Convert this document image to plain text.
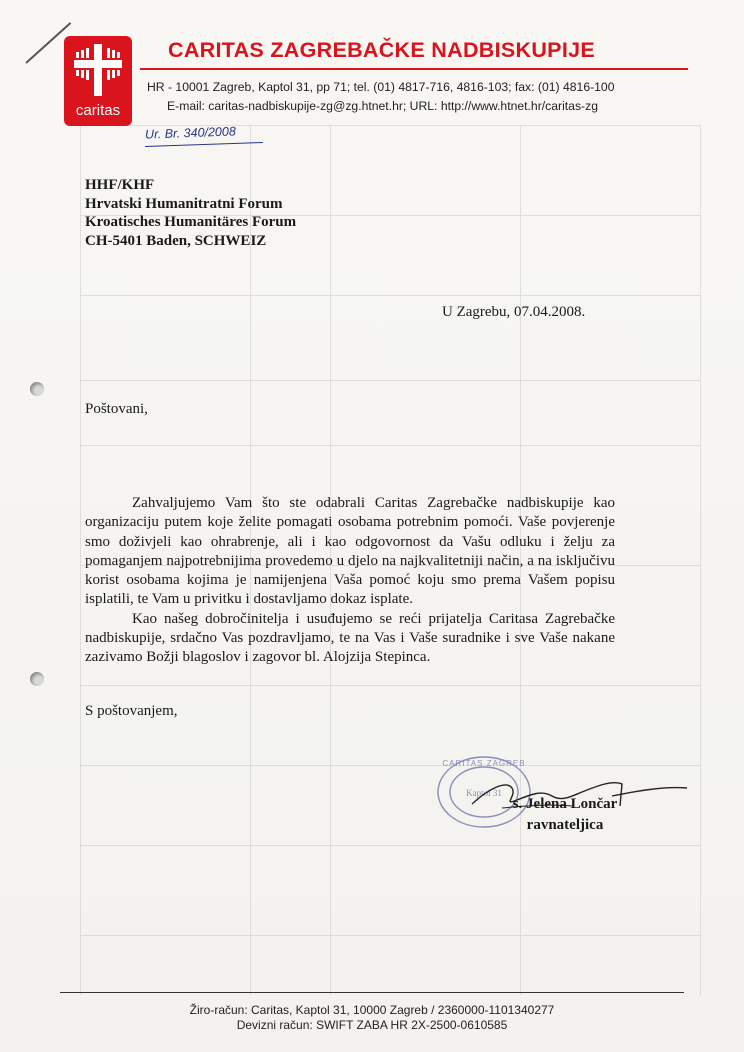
caritas
CARITAS ZAGREBAČKE NADBISKUPIJE
HR - 10001 Zagreb, Kaptol 31, pp 71; tel. (01) 4817-716, 4816-103; fax: (01) 4816-100
E-mail: caritas-nadbiskupije-zg@zg.htnet.hr; URL: http://www.htnet.hr/caritas-zg
Ur. Br. 340/2008
HHF/KHF
Hrvatski Humanitratni Forum
Kroatisches Humanitäres Forum
CH-5401 Baden, SCHWEIZ
U Zagrebu, 07.04.2008.
Poštovani,

Zahvaljujemo Vam što ste odabrali Caritas Zagrebačke nadbiskupije kao organizaciju putem koje želite pomagati osobama potrebnim pomoći. Vaše povjerenje smo doživjeli kao ohrabrenje, ali i kao odgovornost da Vašu odluku i želju za pomaganjem najpotrebnijima provedemo u djelo na najkvalitetniji način, a na isključivu korist osobama kojima je namijenjena Vaša pomoć koju smo prema Vašem popisu isplatili, te Vam u privitku i dostavljamo dokaz isplate.

Kao našeg dobročinitelja i usuđujemo se reći prijatelja Caritasa Zagrebačke nadbiskupije, srdačno Vas pozdravljamo, te na Vas i Vaše suradnike i sve Vaše nakane zazivamo Božji blagoslov i zagovor bl. Alojzija Stepinca.

S poštovanjem,
Kaptol 31
CARITAS ZAGREB
s. Jelena Lončar
ravnateljica
Žiro-račun: Caritas, Kaptol 31, 10000 Zagreb / 2360000-1101340277
Devizni račun: SWIFT ZABA HR 2X-2500-0610585
